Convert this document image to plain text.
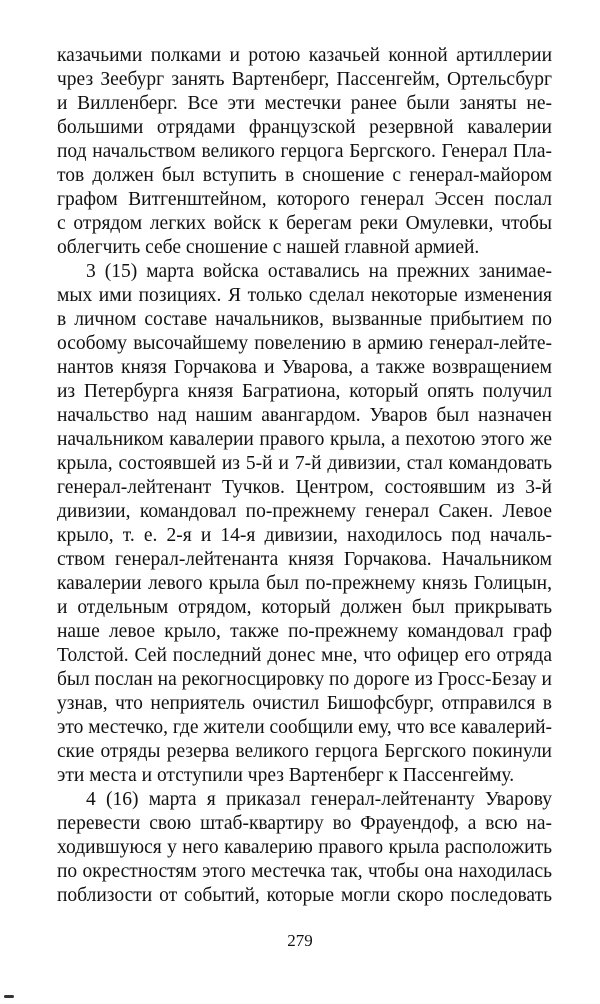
казачьими полками и ротою казачьей конной артиллерии
чрез Зеебург занять Вартенберг, Пассенгейм, Ортельсбург
и Вилленберг. Все эти местечки ранее были заняты не-
большими отрядами французской резервной кавалерии
под начальством великого герцога Бергского. Генерал Пла-
тов должен был вступить в сношение с генерал-майором
графом Витгенштейном, которого генерал Эссен послал
с отрядом легких войск к берегам реки Омулевки, чтобы
облегчить себе сношение с нашей главной армией.
3 (15) марта войска оставались на прежних занимае-
мых ими позициях. Я только сделал некоторые изменения
в личном составе начальников, вызванные прибытием по
особому высочайшему повелению в армию генерал-лейте-
нантов князя Горчакова и Уварова, а также возвращением
из Петербурга князя Багратиона, который опять получил
начальство над нашим авангардом. Уваров был назначен
начальником кавалерии правого крыла, а пехотою этого же
крыла, состоявшей из 5-й и 7-й дивизии, стал командовать
генерал-лейтенант Тучков. Центром, состоявшим из 3-й
дивизии, командовал по-прежнему генерал Сакен. Левое
крыло, т. е. 2-я и 14-я дивизии, находилось под началь-
ством генерал-лейтенанта князя Горчакова. Начальником
кавалерии левого крыла был по-прежнему князь Голицын,
и отдельным отрядом, который должен был прикрывать
наше левое крыло, также по-прежнему командовал граф
Толстой. Сей последний донес мне, что офицер его отряда
был послан на рекогносцировку по дороге из Гросс-Безау и
узнав, что неприятель очистил Бишофсбург, отправился в
это местечко, где жители сообщили ему, что все кавалерий-
ские отряды резерва великого герцога Бергского покинули
эти места и отступили чрез Вартенберг к Пассенгейму.
4 (16) марта я приказал генерал-лейтенанту Уварову
перевести свою штаб-квартиру во Фрауендоф, а всю на-
ходившуюся у него кавалерию правого крыла расположить
по окрестностям этого местечка так, чтобы она находилась
поблизости от событий, которые могли скоро последовать
279
